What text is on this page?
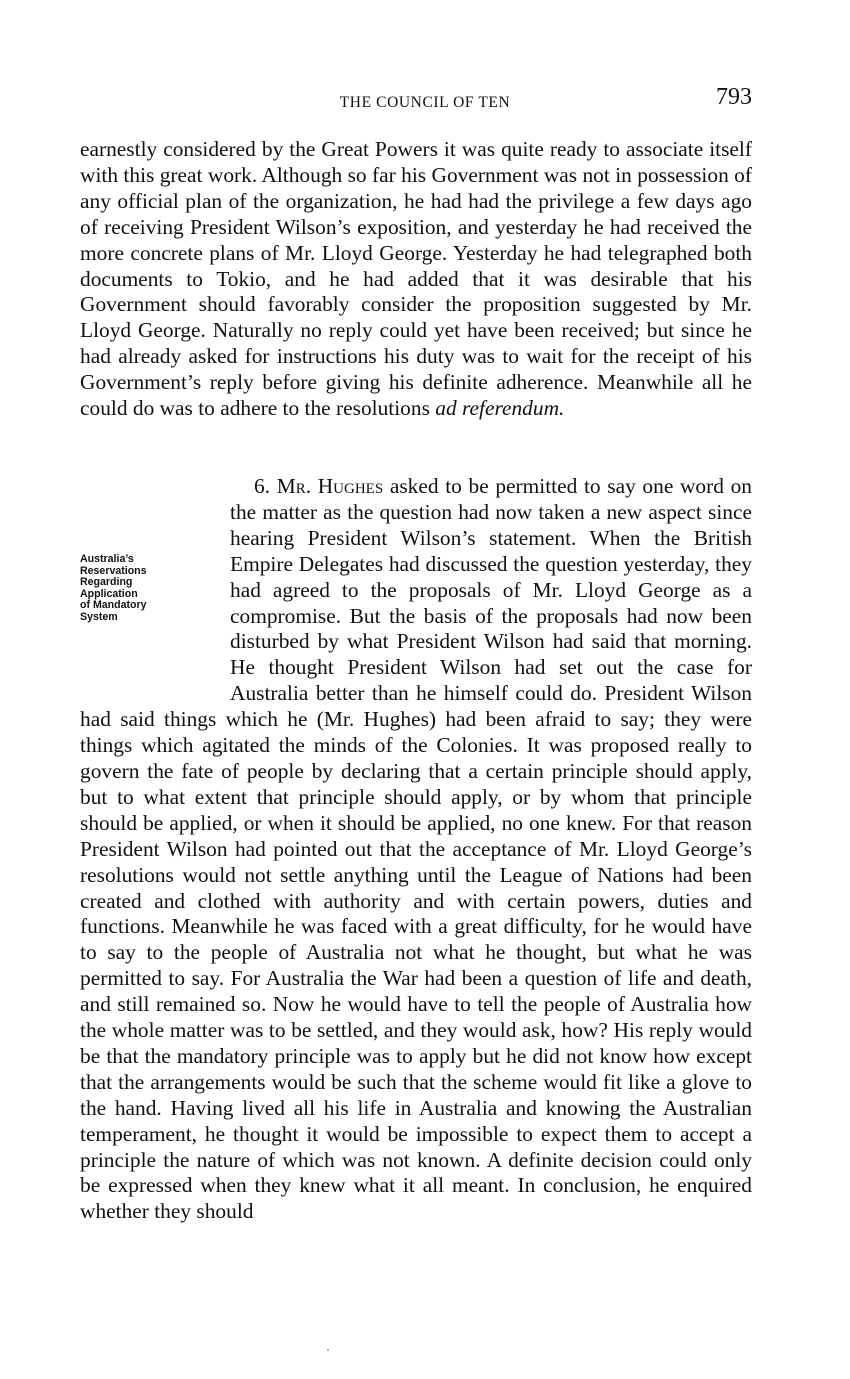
THE COUNCIL OF TEN	793

earnestly considered by the Great Powers it was quite ready to associate itself with this great work. Although so far his Government was not in possession of any official plan of the organization, he had had the privilege a few days ago of receiving President Wilson’s exposition, and yesterday he had received the more concrete plans of Mr. Lloyd George. Yesterday he had telegraphed both documents to Tokio, and he had added that it was desirable that his Government should favorably consider the proposition suggested by Mr. Lloyd George. Naturally no reply could yet have been received; but since he had already asked for instructions his duty was to wait for the receipt of his Government’s reply before giving his definite adherence. Meanwhile all he could do was to adhere to the resolutions ad referendum.

Australia’s
Reservations
Regarding
Application
of Mandatory
System

6. Mr. Hughes asked to be permitted to say one word on the matter as the question had now taken a new aspect since hearing President Wilson’s statement. When the British Empire Delegates had discussed the question yesterday, they had agreed to the proposals of Mr. Lloyd George as a compromise. But the basis of the proposals had now been disturbed by what President Wilson had said that morning. He thought President Wilson had set out the case for Australia better than he himself could do. President Wilson had said things which he (Mr. Hughes) had been afraid to say; they were things which agitated the minds of the Colonies. It was proposed really to govern the fate of people by declaring that a certain principle should apply, but to what extent that principle should apply, or by whom that principle should be applied, or when it should be applied, no one knew. For that reason President Wilson had pointed out that the acceptance of Mr. Lloyd George’s resolutions would not settle anything until the League of Nations had been created and clothed with authority and with certain powers, duties and functions. Meanwhile he was faced with a great difficulty, for he would have to say to the people of Australia not what he thought, but what he was permitted to say. For Australia the War had been a question of life and death, and still remained so. Now he would have to tell the people of Australia how the whole matter was to be settled, and they would ask, how? His reply would be that the mandatory principle was to apply but he did not know how except that the arrangements would be such that the scheme would fit like a glove to the hand. Having lived all his life in Australia and knowing the Australian temperament, he thought it would be impossible to expect them to accept a principle the nature of which was not known. A definite decision could only be expressed when they knew what it all meant. In conclusion, he enquired whether they should
